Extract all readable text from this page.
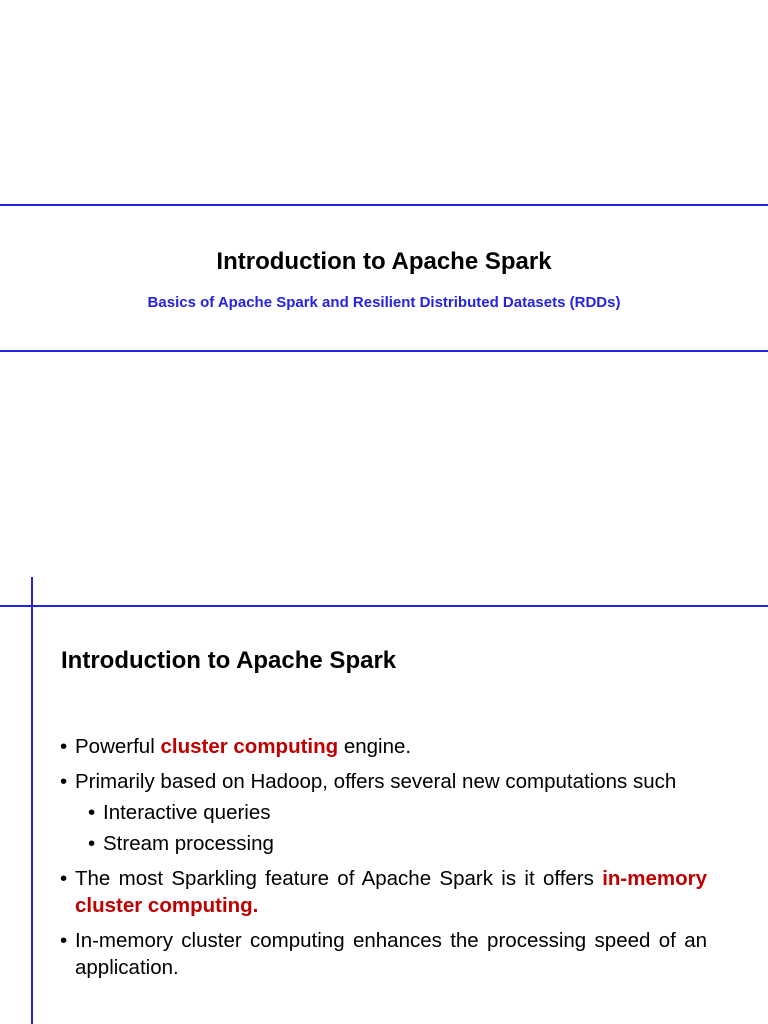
Introduction to Apache Spark
Basics of Apache Spark and Resilient Distributed Datasets (RDDs)
Introduction to Apache Spark
• Powerful cluster computing engine.
• Primarily based on Hadoop, offers several new computations such
• Interactive queries
• Stream processing
• The most Sparkling feature of Apache Spark is it offers in-memory cluster computing.
• In-memory cluster computing enhances the processing speed of an application.
